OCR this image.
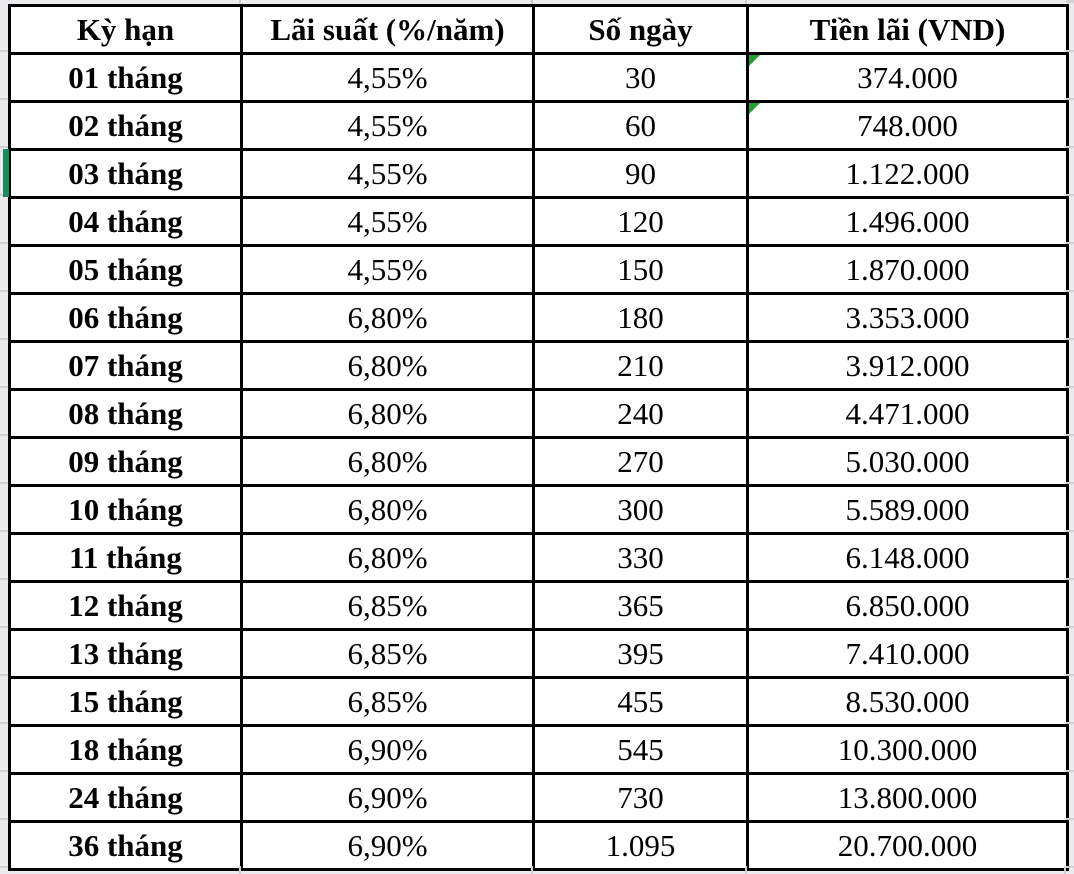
Kỳ hạn	Lãi suất (%/năm)	Số ngày	Tiền lãi (VND)
01 tháng	4,55%	30	374.000

02 tháng	4,55%	60	748.000

03 tháng	4,55%	90	1.122.000
04 tháng	4,55%	120	1.496.000
05 tháng	4,55%	150	1.870.000
06 tháng	6,80%	180	3.353.000
07 tháng	6,80%	210	3.912.000
08 tháng	6,80%	240	4.471.000
09 tháng	6,80%	270	5.030.000
10 tháng	6,80%	300	5.589.000
11 tháng	6,80%	330	6.148.000
12 tháng	6,85%	365	6.850.000
13 tháng	6,85%	395	7.410.000
15 tháng	6,85%	455	8.530.000
18 tháng	6,90%	545	10.300.000
24 tháng	6,90%	730	13.800.000
36 tháng	6,90%	1.095	20.700.000
